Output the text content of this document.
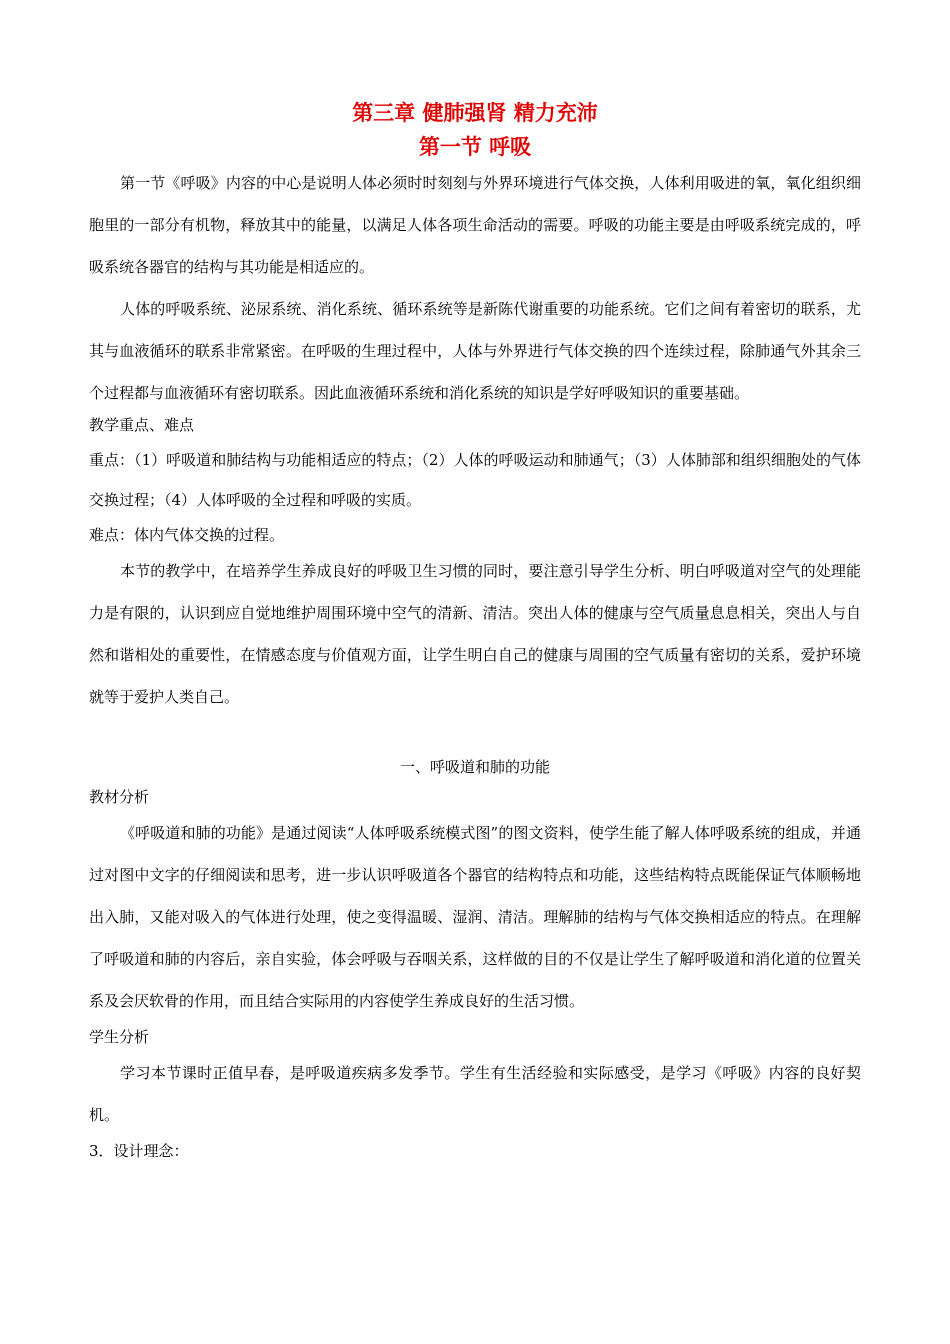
第三章 健肺强肾 精力充沛
第一节 呼吸

第一节《呼吸》内容的中心是说明人体必须时时刻刻与外界环境进行气体交换，人体利用吸进的氧，氧化组织细胞里的一部分有机物，释放其中的能量，以满足人体各项生命活动的需要。呼吸的功能主要是由呼吸系统完成的，呼吸系统各器官的结构与其功能是相适应的。

人体的呼吸系统、泌尿系统、消化系统、循环系统等是新陈代谢重要的功能系统。它们之间有着密切的联系，尤其与血液循环的联系非常紧密。在呼吸的生理过程中，人体与外界进行气体交换的四个连续过程，除肺通气外其余三个过程都与血液循环有密切联系。因此血液循环系统和消化系统的知识是学好呼吸知识的重要基础。

教学重点、难点

重点：（1）呼吸道和肺结构与功能相适应的特点；（2）人体的呼吸运动和肺通气；（3）人体肺部和组织细胞处的气体交换过程；（4）人体呼吸的全过程和呼吸的实质。

难点：体内气体交换的过程。

本节的教学中，在培养学生养成良好的呼吸卫生习惯的同时，要注意引导学生分析、明白呼吸道对空气的处理能力是有限的，认识到应自觉地维护周围环境中空气的清新、清洁。突出人体的健康与空气质量息息相关，突出人与自然和谐相处的重要性，在情感态度与价值观方面，让学生明白自己的健康与周围的空气质量有密切的关系，爱护环境就等于爱护人类自己。

一、呼吸道和肺的功能

教材分析

《呼吸道和肺的功能》是通过阅读“人体呼吸系统模式图”的图文资料，使学生能了解人体呼吸系统的组成，并通过对图中文字的仔细阅读和思考，进一步认识呼吸道各个器官的结构特点和功能，这些结构特点既能保证气体顺畅地出入肺，又能对吸入的气体进行处理，使之变得温暖、湿润、清洁。理解肺的结构与气体交换相适应的特点。在理解了呼吸道和肺的内容后，亲自实验，体会呼吸与吞咽关系，这样做的目的不仅是让学生了解呼吸道和消化道的位置关系及会厌软骨的作用，而且结合实际用的内容使学生养成良好的生活习惯。

学生分析

学习本节课时正值早春，是呼吸道疾病多发季节。学生有生活经验和实际感受，是学习《呼吸》内容的良好契机。

3．设计理念：
